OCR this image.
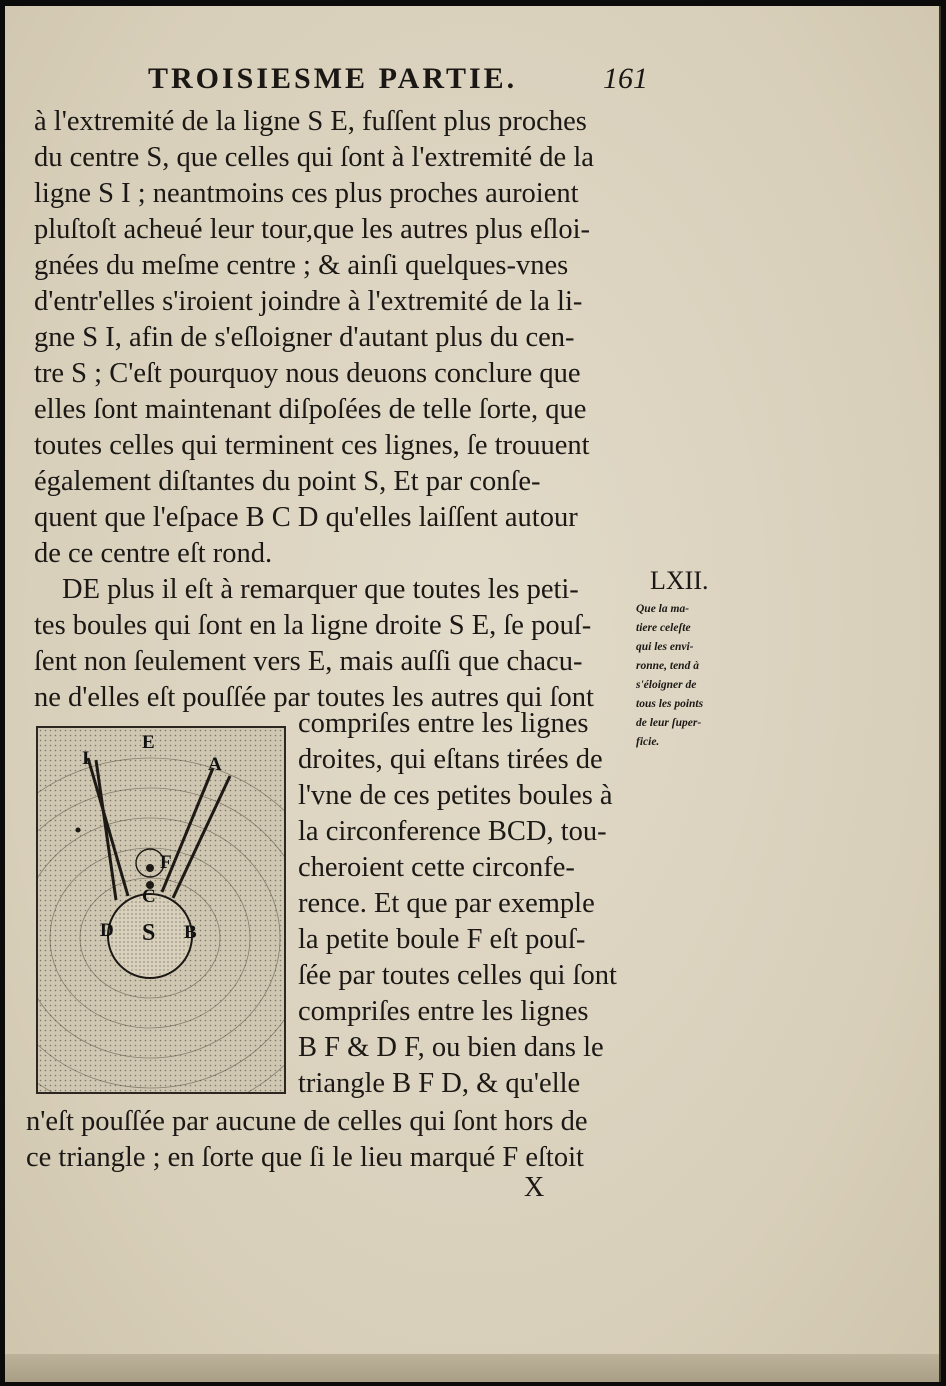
TROISIESME PARTIE.	161
à l'extremité de la ligne S E, fuſſent plus proches
du centre S, que celles qui ſont à l'extremité de la
ligne S I ; neantmoins ces plus proches auroient
pluſtoſt acheué leur tour,que les autres plus eſloi-
gnées du meſme centre ; & ainſi quelques-vnes
d'entr'elles s'iroient joindre à l'extremité de la li-
gne S I, afin de s'eſloigner d'autant plus du cen-
tre S ; C'eſt pourquoy nous deuons conclure que
elles ſont maintenant diſpoſées de telle ſorte, que
toutes celles qui terminent ces lignes, ſe trouuent
également diſtantes du point S, Et par conſe-
quent que l'eſpace B C D qu'elles laiſſent autour
de ce centre eſt rond.
DE plus il eſt à remarquer que toutes les peti-
tes boules qui ſont en la ligne droite S E, ſe pouſ-
ſent non ſeulement vers E, mais auſſi que chacu-
ne d'elles eſt pouſſée par toutes les autres qui ſont
LXII.
Que la ma-
tiere celeſte
qui les envi-
ronne, tend à
s'éloigner de
tous les points
de leur ſuper-
ficie.
I
E
A
F
C
D S B
compriſes entre les lignes
droites, qui eſtans tirées de
l'vne de ces petites boules à
la circonference BCD, tou-
cheroient cette circonfe-
rence. Et que par exemple
la petite boule F eſt pouſ-
ſée par toutes celles qui ſont
compriſes entre les lignes
B F & D F, ou bien dans le
triangle B F D, & qu'elle
n'eſt pouſſée par aucune de celles qui ſont hors de
ce triangle ; en ſorte que ſi le lieu marqué F eſtoit
X
